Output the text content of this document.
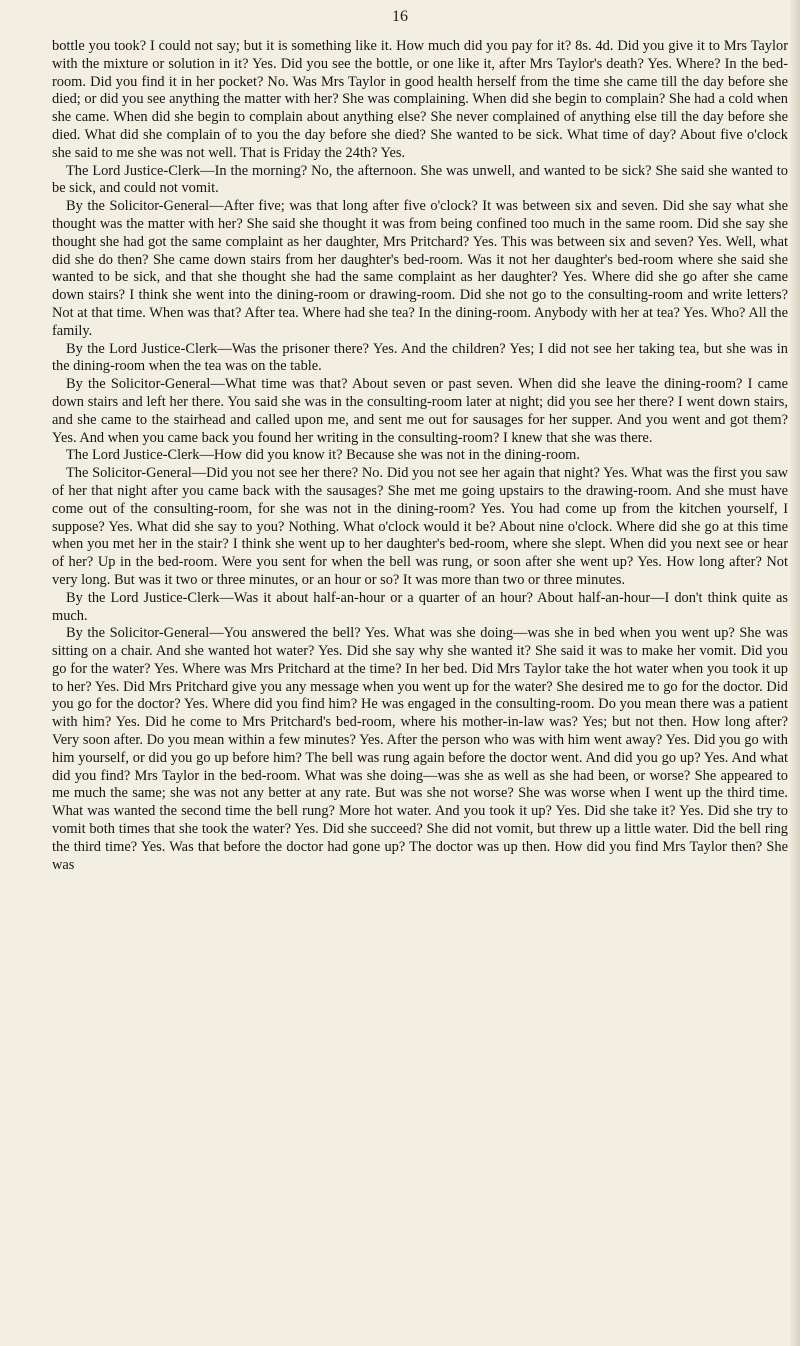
16

bottle you took? I could not say; but it is something like it. How much did you pay for it? 8s. 4d. Did you give it to Mrs Taylor with the mixture or solution in it? Yes. Did you see the bottle, or one like it, after Mrs Taylor's death? Yes. Where? In the bed-room. Did you find it in her pocket? No. Was Mrs Taylor in good health herself from the time she came till the day before she died; or did you see anything the matter with her? She was complaining. When did she begin to complain? She had a cold when she came. When did she begin to complain about anything else? She never complained of anything else till the day before she died. What did she complain of to you the day before she died? She wanted to be sick. What time of day? About five o'clock she said to me she was not well. That is Friday the 24th? Yes.

The Lord Justice-Clerk—In the morning? No, the afternoon. She was unwell, and wanted to be sick? She said she wanted to be sick, and could not vomit.

By the Solicitor-General—After five; was that long after five o'clock? It was between six and seven. Did she say what she thought was the matter with her? She said she thought it was from being confined too much in the same room. Did she say she thought she had got the same complaint as her daughter, Mrs Pritchard? Yes. This was between six and seven? Yes. Well, what did she do then? She came down stairs from her daughter's bed-room. Was it not her daughter's bed-room where she said she wanted to be sick, and that she thought she had the same complaint as her daughter? Yes. Where did she go after she came down stairs? I think she went into the dining-room or drawing-room. Did she not go to the consulting-room and write letters? Not at that time. When was that? After tea. Where had she tea? In the dining-room. Anybody with her at tea? Yes. Who? All the family.

By the Lord Justice-Clerk—Was the prisoner there? Yes. And the children? Yes; I did not see her taking tea, but she was in the dining-room when the tea was on the table.

By the Solicitor-General—What time was that? About seven or past seven. When did she leave the dining-room? I came down stairs and left her there. You said she was in the consulting-room later at night; did you see her there? I went down stairs, and she came to the stairhead and called upon me, and sent me out for sausages for her supper. And you went and got them? Yes. And when you came back you found her writing in the consulting-room? I knew that she was there.

The Lord Justice-Clerk—How did you know it? Because she was not in the dining-room.

The Solicitor-General—Did you not see her there? No. Did you not see her again that night? Yes. What was the first you saw of her that night after you came back with the sausages? She met me going upstairs to the drawing-room. And she must have come out of the consulting-room, for she was not in the dining-room? Yes. You had come up from the kitchen yourself, I suppose? Yes. What did she say to you? Nothing. What o'clock would it be? About nine o'clock. Where did she go at this time when you met her in the stair? I think she went up to her daughter's bed-room, where she slept. When did you next see or hear of her? Up in the bed-room. Were you sent for when the bell was rung, or soon after she went up? Yes. How long after? Not very long. But was it two or three minutes, or an hour or so? It was more than two or three minutes.

By the Lord Justice-Clerk—Was it about half-an-hour or a quarter of an hour? About half-an-hour—I don't think quite as much.

By the Solicitor-General—You answered the bell? Yes. What was she doing—was she in bed when you went up? She was sitting on a chair. And she wanted hot water? Yes. Did she say why she wanted it? She said it was to make her vomit. Did you go for the water? Yes. Where was Mrs Pritchard at the time? In her bed. Did Mrs Taylor take the hot water when you took it up to her? Yes. Did Mrs Pritchard give you any message when you went up for the water? She desired me to go for the doctor. Did you go for the doctor? Yes. Where did you find him? He was engaged in the consulting-room. Do you mean there was a patient with him? Yes. Did he come to Mrs Pritchard's bed-room, where his mother-in-law was? Yes; but not then. How long after? Very soon after. Do you mean within a few minutes? Yes. After the person who was with him went away? Yes. Did you go with him yourself, or did you go up before him? The bell was rung again before the doctor went. And did you go up? Yes. And what did you find? Mrs Taylor in the bed-room. What was she doing—was she as well as she had been, or worse? She appeared to me much the same; she was not any better at any rate. But was she not worse? She was worse when I went up the third time. What was wanted the second time the bell rung? More hot water. And you took it up? Yes. Did she take it? Yes. Did she try to vomit both times that she took the water? Yes. Did she succeed? She did not vomit, but threw up a little water. Did the bell ring the third time? Yes. Was that before the doctor had gone up? The doctor was up then. How did you find Mrs Taylor then? She was
